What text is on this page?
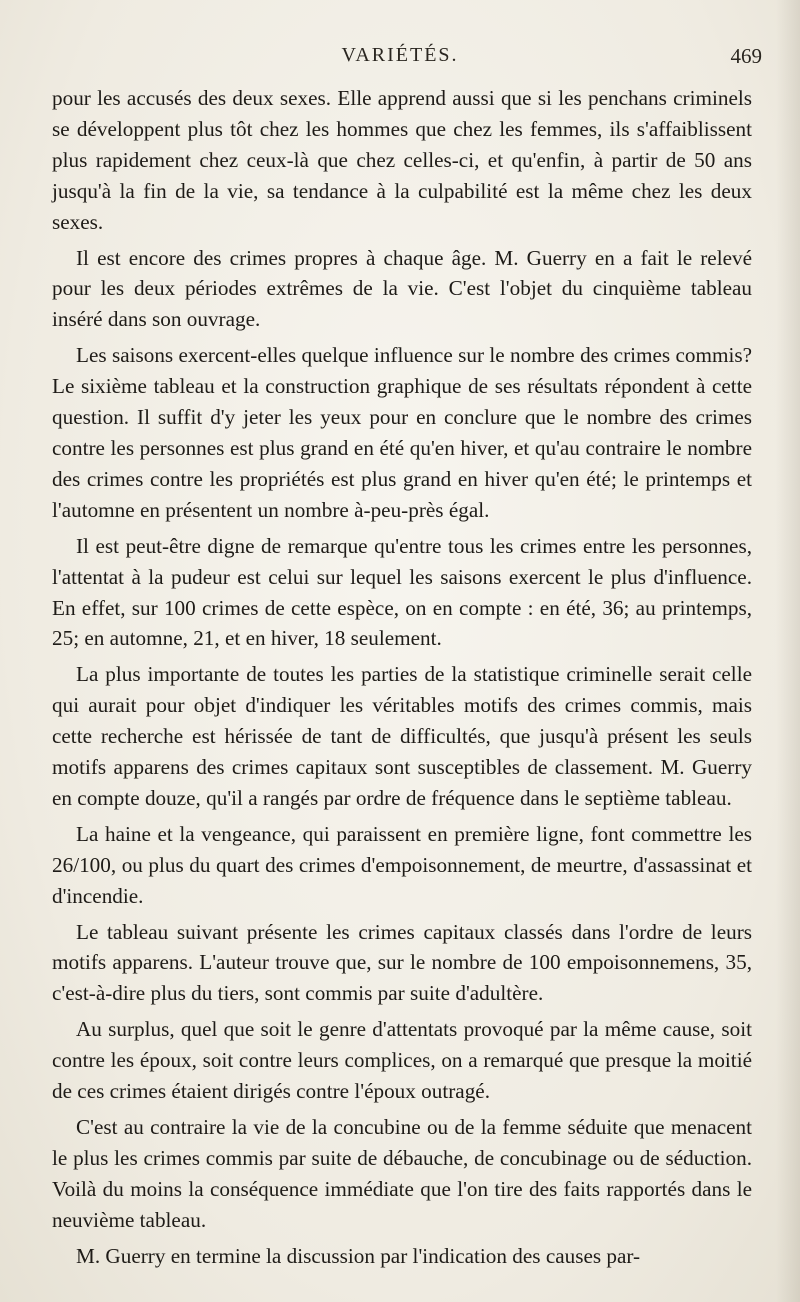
VARIÉTÉS.	469

pour les accusés des deux sexes. Elle apprend aussi que si les penchans criminels se développent plus tôt chez les hommes que chez les femmes, ils s'affaiblissent plus rapidement chez ceux-là que chez celles-ci, et qu'enfin, à partir de 50 ans jusqu'à la fin de la vie, sa tendance à la culpabilité est la même chez les deux sexes.

Il est encore des crimes propres à chaque âge. M. Guerry en a fait le relevé pour les deux périodes extrêmes de la vie. C'est l'objet du cinquième tableau inséré dans son ouvrage.

Les saisons exercent-elles quelque influence sur le nombre des crimes commis? Le sixième tableau et la construction graphique de ses résultats répondent à cette question. Il suffit d'y jeter les yeux pour en conclure que le nombre des crimes contre les personnes est plus grand en été qu'en hiver, et qu'au contraire le nombre des crimes contre les propriétés est plus grand en hiver qu'en été; le printemps et l'automne en présentent un nombre à-peu-près égal.

Il est peut-être digne de remarque qu'entre tous les crimes entre les personnes, l'attentat à la pudeur est celui sur lequel les saisons exercent le plus d'influence. En effet, sur 100 crimes de cette espèce, on en compte : en été, 36; au printemps, 25; en automne, 21, et en hiver, 18 seulement.

La plus importante de toutes les parties de la statistique criminelle serait celle qui aurait pour objet d'indiquer les véritables motifs des crimes commis, mais cette recherche est hérissée de tant de difficultés, que jusqu'à présent les seuls motifs apparens des crimes capitaux sont susceptibles de classement. M. Guerry en compte douze, qu'il a rangés par ordre de fréquence dans le septième tableau.

La haine et la vengeance, qui paraissent en première ligne, font commettre les 26/100, ou plus du quart des crimes d'empoisonnement, de meurtre, d'assassinat et d'incendie.

Le tableau suivant présente les crimes capitaux classés dans l'ordre de leurs motifs apparens. L'auteur trouve que, sur le nombre de 100 empoisonnemens, 35, c'est-à-dire plus du tiers, sont commis par suite d'adultère.

Au surplus, quel que soit le genre d'attentats provoqué par la même cause, soit contre les époux, soit contre leurs complices, on a remarqué que presque la moitié de ces crimes étaient dirigés contre l'époux outragé.

C'est au contraire la vie de la concubine ou de la femme séduite que menacent le plus les crimes commis par suite de débauche, de concubinage ou de séduction. Voilà du moins la conséquence immédiate que l'on tire des faits rapportés dans le neuvième tableau.

M. Guerry en termine la discussion par l'indication des causes par-
